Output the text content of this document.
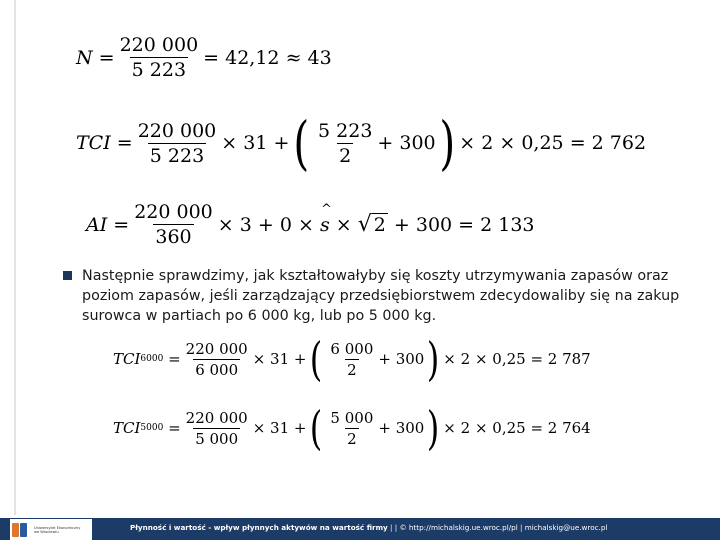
$N = \frac{220 000}{5 223} = 42,12 \approx 43$
TCI = $\frac{220 000}{5 223} \times 31$ + ( $\frac{5 223}{2} + 300$ ) × 2 × 0,25 = 2 762
AI = $\frac{220 000}{360} \times 3 + 0$ ×

^ s
×
√ 2
+ 300 = 2 133
Następnie sprawdzimy, jak kształtowałyby się koszty utrzymywania zapasów oraz poziom zapasów, jeśli zarządzający przedsiębiorstwem zdecydowaliby się na zakup surowca w partiach po 6 000 kg, lub po 5 000 kg.
TCI $6000 = \frac{220 000}{6 000} \times 31$ + ( $\frac{6 000}{2} + 300$ ) × 2 × 0,25 = 2 787
TCI $5000 = \frac{220 000}{5 000} \times 31$ + ( $\frac{5 000}{2} + 300$ ) × 2 × 0,25 = 2 764
Uniwersytet Ekonomiczny we Wrocławiu	Płynność i wartość - wpływ płynnych aktywów na wartość firmy | | © http://michalskig.ue.wroc.pl/pl | michalskig@ue.wroc.pl
